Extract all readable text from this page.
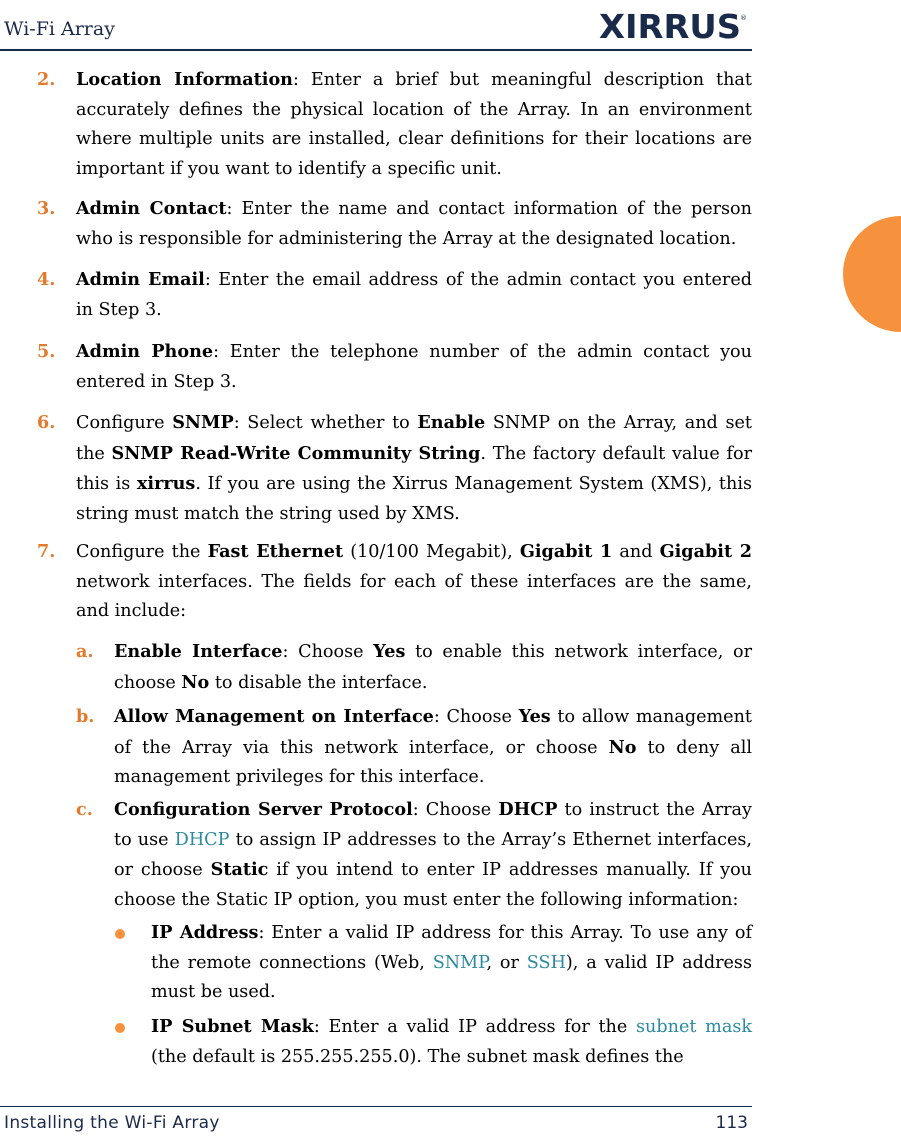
Wi-Fi Array	XIRRUS ®
2. Location Information: Enter a brief but meaningful description that accurately defines the physical location of the Array. In an environment where multiple units are installed, clear definitions for their locations are important if you want to identify a specific unit.
3. Admin Contact: Enter the name and contact information of the person who is responsible for administering the Array at the designated location.
4. Admin Email: Enter the email address of the admin contact you entered in Step 3.
5. Admin Phone: Enter the telephone number of the admin contact you entered in Step 3.
6. Configure SNMP: Select whether to Enable SNMP on the Array, and set the SNMP Read-Write Community String. The factory default value for this is xirrus. If you are using the Xirrus Management System (XMS), this string must match the string used by XMS.
7. Configure the Fast Ethernet (10/100 Megabit), Gigabit 1 and Gigabit 2 network interfaces. The fields for each of these interfaces are the same, and include:
a. Enable Interface: Choose Yes to enable this network interface, or choose No to disable the interface.
b. Allow Management on Interface: Choose Yes to allow management of the Array via this network interface, or choose No to deny all management privileges for this interface.
c. Configuration Server Protocol: Choose DHCP to instruct the Array to use DHCP to assign IP addresses to the Array’s Ethernet interfaces, or choose Static if you intend to enter IP addresses manually. If you choose the Static IP option, you must enter the following information:
IP Address: Enter a valid IP address for this Array. To use any of the remote connections (Web, SNMP, or SSH), a valid IP address must be used.
IP Subnet Mask: Enter a valid IP address for the subnet mask (the default is 255.255.255.0). The subnet mask defines the
Installing the Wi-Fi Array	113
